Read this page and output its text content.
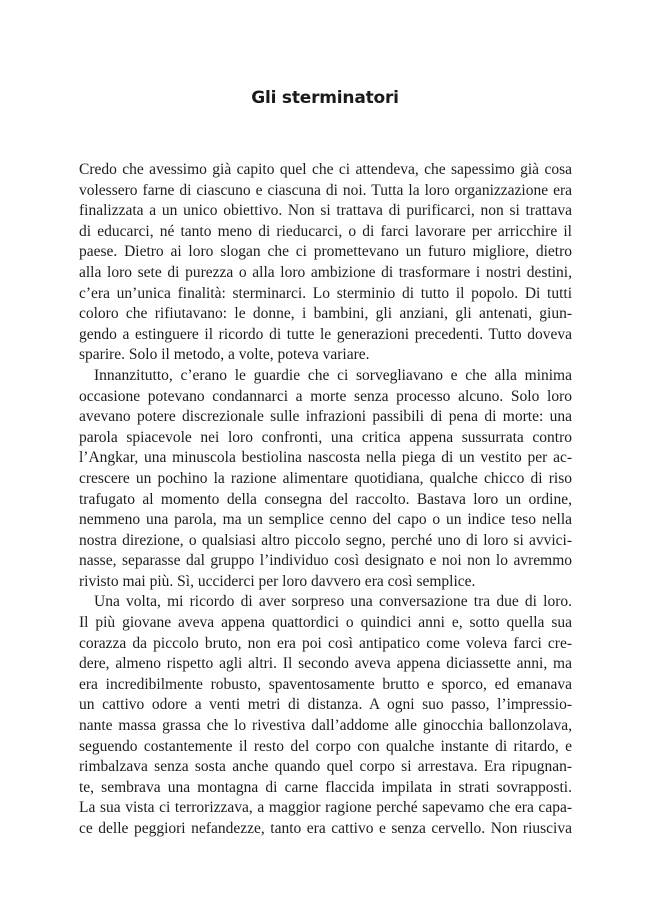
Gli sterminatori
Credo che avessimo già capito quel che ci attendeva, che sapessimo già cosa
volessero farne di ciascuno e ciascuna di noi. Tutta la loro organizzazione era
finalizzata a un unico obiettivo. Non si trattava di purificarci, non si trattava
di educarci, né tanto meno di rieducarci, o di farci lavorare per arricchire il
paese. Dietro ai loro slogan che ci promettevano un futuro migliore, dietro
alla loro sete di purezza o alla loro ambizione di trasformare i nostri destini,
c’era un’unica finalità: sterminarci. Lo sterminio di tutto il popolo. Di tutti
coloro che rifiutavano: le donne, i bambini, gli anziani, gli antenati, giun-
gendo a estinguere il ricordo di tutte le generazioni precedenti. Tutto doveva
sparire. Solo il metodo, a volte, poteva variare.
Innanzitutto, c’erano le guardie che ci sorvegliavano e che alla minima
occasione potevano condannarci a morte senza processo alcuno. Solo loro
avevano potere discrezionale sulle infrazioni passibili di pena di morte: una
parola spiacevole nei loro confronti, una critica appena sussurrata contro
l’Angkar, una minuscola bestiolina nascosta nella piega di un vestito per ac-
crescere un pochino la razione alimentare quotidiana, qualche chicco di riso
trafugato al momento della consegna del raccolto. Bastava loro un ordine,
nemmeno una parola, ma un semplice cenno del capo o un indice teso nella
nostra direzione, o qualsiasi altro piccolo segno, perché uno di loro si avvici-
nasse, separasse dal gruppo l’individuo così designato e noi non lo avremmo
rivisto mai più. Sì, ucciderci per loro davvero era così semplice.
Una volta, mi ricordo di aver sorpreso una conversazione tra due di loro.
Il più giovane aveva appena quattordici o quindici anni e, sotto quella sua
corazza da piccolo bruto, non era poi così antipatico come voleva farci cre-
dere, almeno rispetto agli altri. Il secondo aveva appena diciassette anni, ma
era incredibilmente robusto, spaventosamente brutto e sporco, ed emanava
un cattivo odore a venti metri di distanza. A ogni suo passo, l’impressio-
nante massa grassa che lo rivestiva dall’addome alle ginocchia ballonzolava,
seguendo costantemente il resto del corpo con qualche instante di ritardo, e
rimbalzava senza sosta anche quando quel corpo si arrestava. Era ripugnan-
te, sembrava una montagna di carne flaccida impilata in strati sovrapposti.
La sua vista ci terrorizzava, a maggior ragione perché sapevamo che era capa-
ce delle peggiori nefandezze, tanto era cattivo e senza cervello. Non riusciva
